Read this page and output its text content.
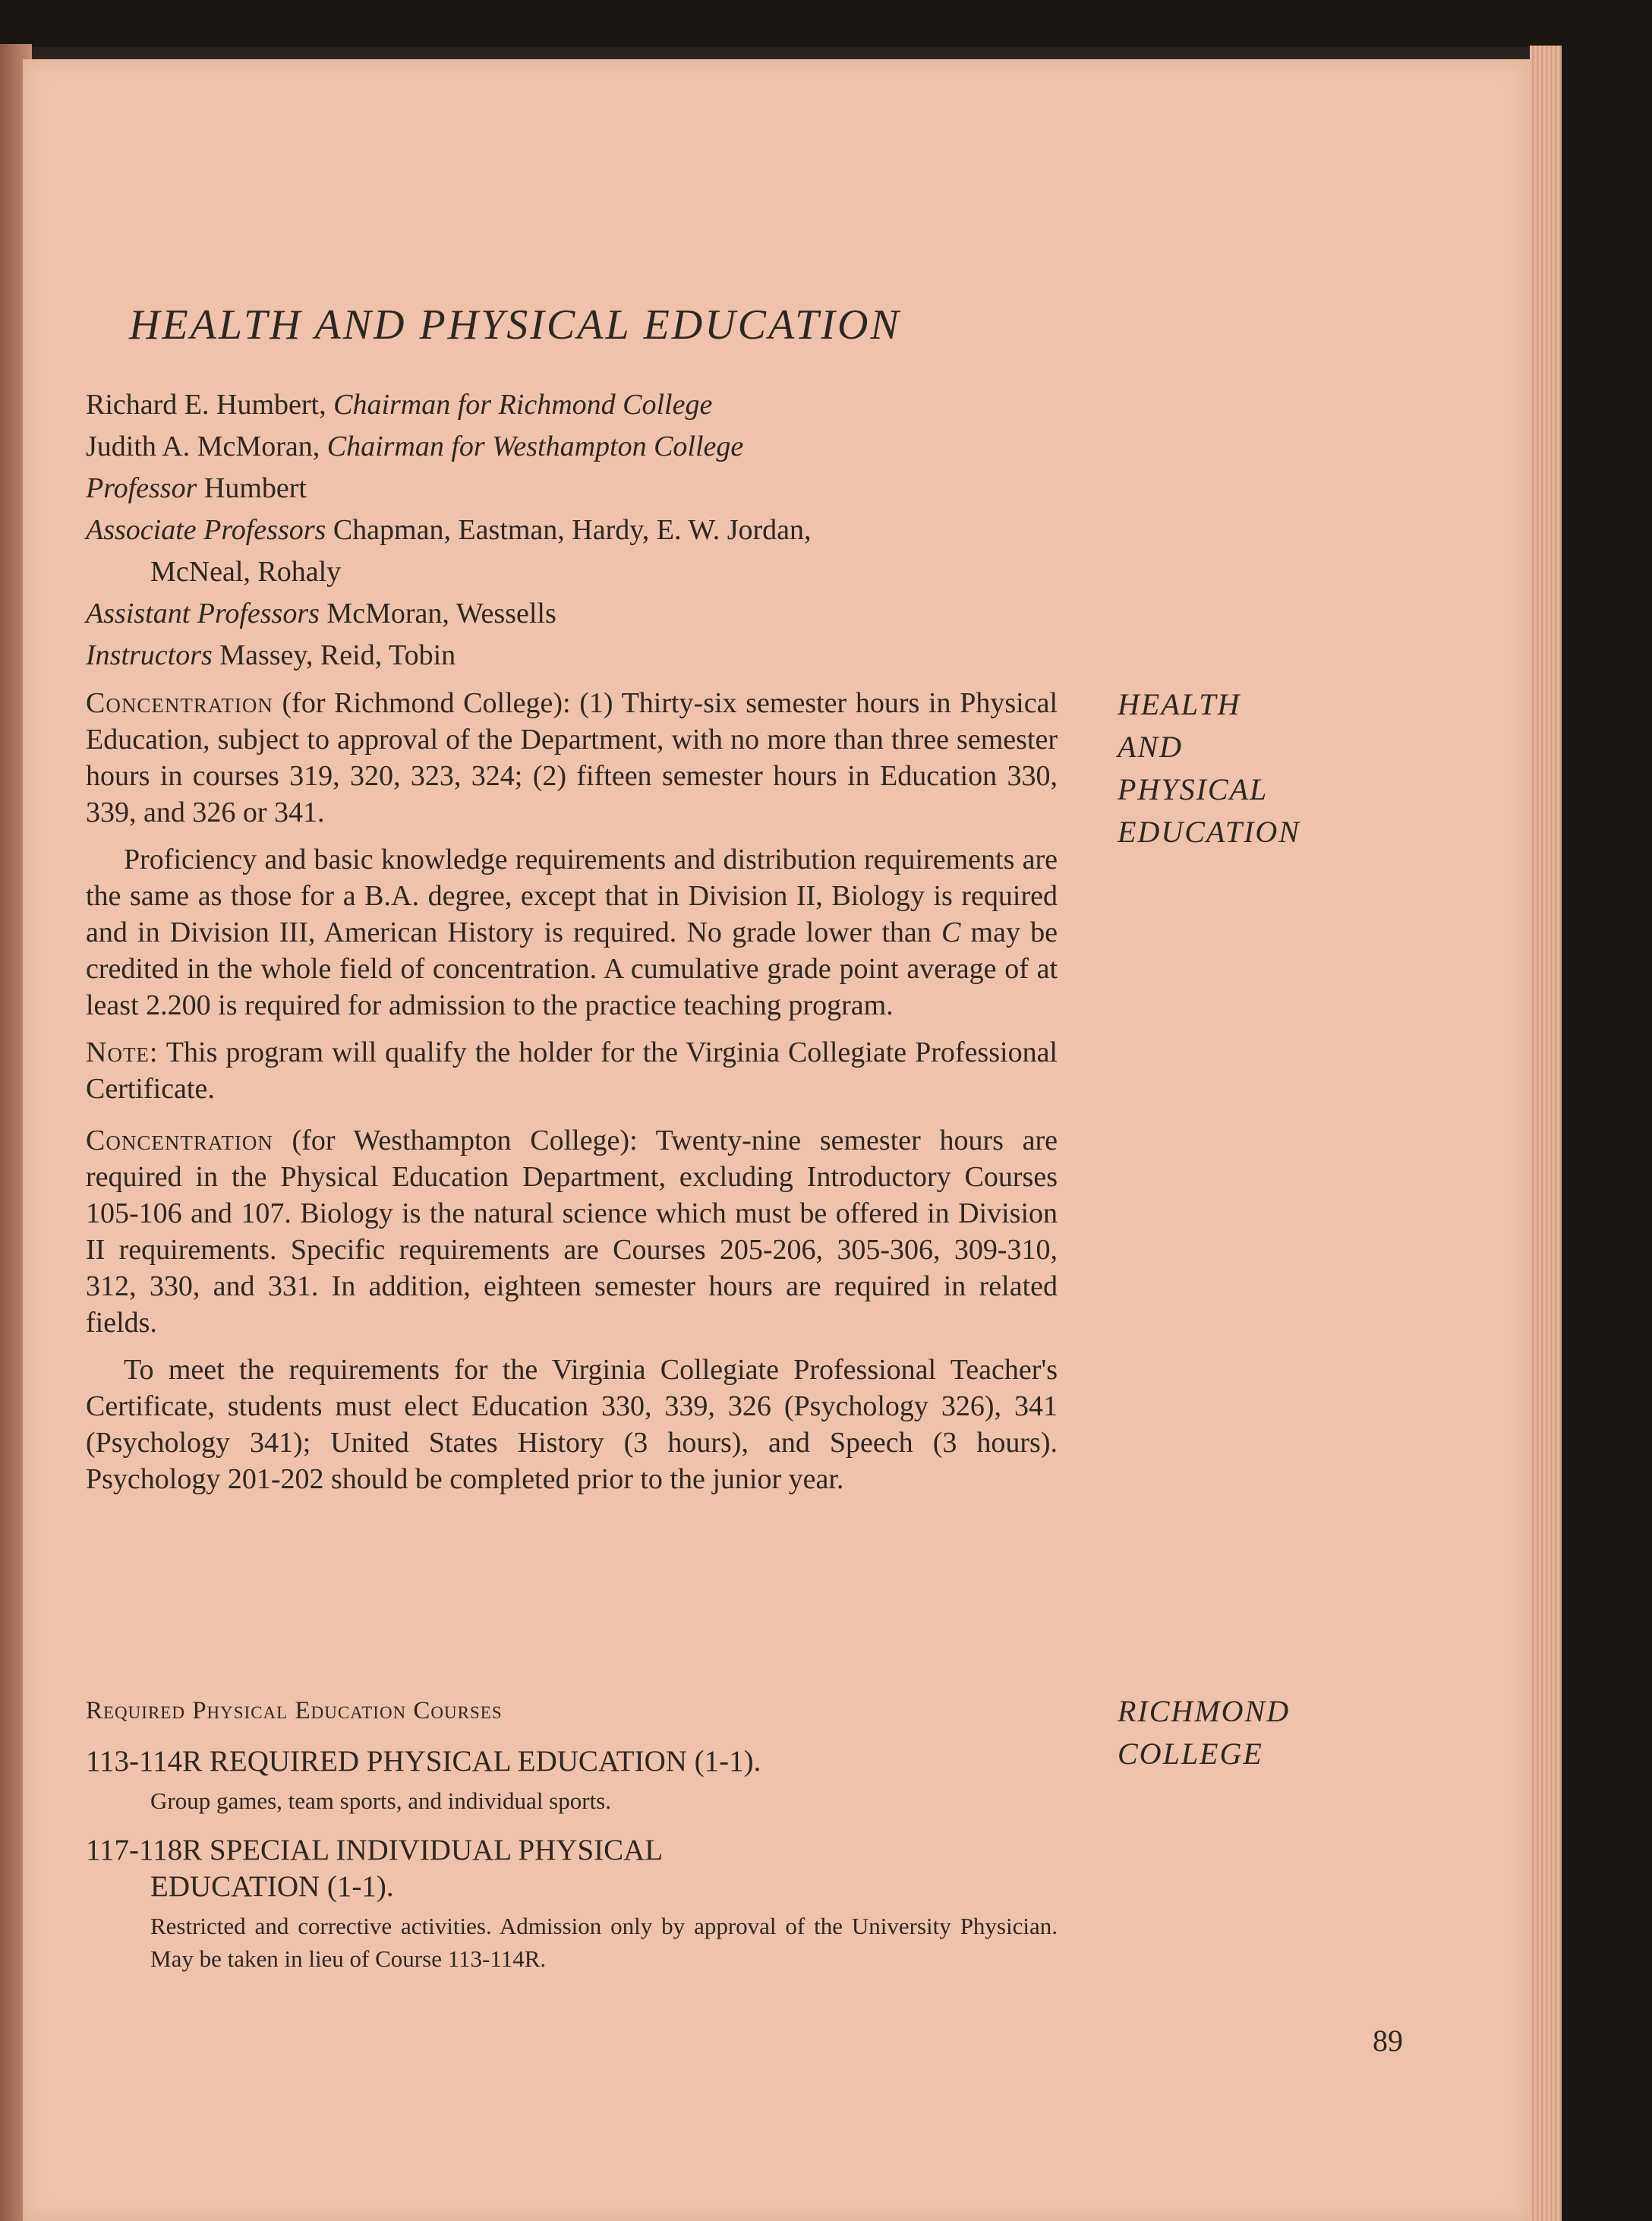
HEALTH AND PHYSICAL EDUCATION
Richard E. Humbert, Chairman for Richmond College
Judith A. McMoran, Chairman for Westhampton College
Professor Humbert
Associate Professors Chapman, Eastman, Hardy, E. W. Jordan,
McNeal, Rohaly
Assistant Professors McMoran, Wessells
Instructors Massey, Reid, Tobin

Concentration (for Richmond College): (1) Thirty-six semester hours in Physical Education, subject to approval of the Department, with no more than three semester hours in courses 319, 320, 323, 324; (2) fifteen semester hours in Education 330, 339, and 326 or 341.

Proficiency and basic knowledge requirements and distribution requirements are the same as those for a B.A. degree, except that in Division II, Biology is required and in Division III, American History is required. No grade lower than C may be credited in the whole field of concentration. A cumulative grade point average of at least 2.200 is required for admission to the practice teaching program.

Note: This program will qualify the holder for the Virginia Collegiate Professional Certificate.

Concentration (for Westhampton College): Twenty-nine semester hours are required in the Physical Education Department, excluding Introductory Courses 105-106 and 107. Biology is the natural science which must be offered in Division II requirements. Specific requirements are Courses 205-206, 305-306, 309-310, 312, 330, and 331. In addition, eighteen semester hours are required in related fields.

To meet the requirements for the Virginia Collegiate Professional Teacher's Certificate, students must elect Education 330, 339, 326 (Psychology 326), 341 (Psychology 341); United States History (3 hours), and Speech (3 hours). Psychology 201-202 should be completed prior to the junior year.

Required Physical Education Courses
113-114R REQUIRED PHYSICAL EDUCATION (1-1).
Group games, team sports, and individual sports.
117-118R SPECIAL INDIVIDUAL PHYSICAL
EDUCATION (1-1).
Restricted and corrective activities. Admission only by approval of the University Physician. May be taken in lieu of Course 113-114R.
HEALTH
AND
PHYSICAL
EDUCATION
RICHMOND
COLLEGE
89
